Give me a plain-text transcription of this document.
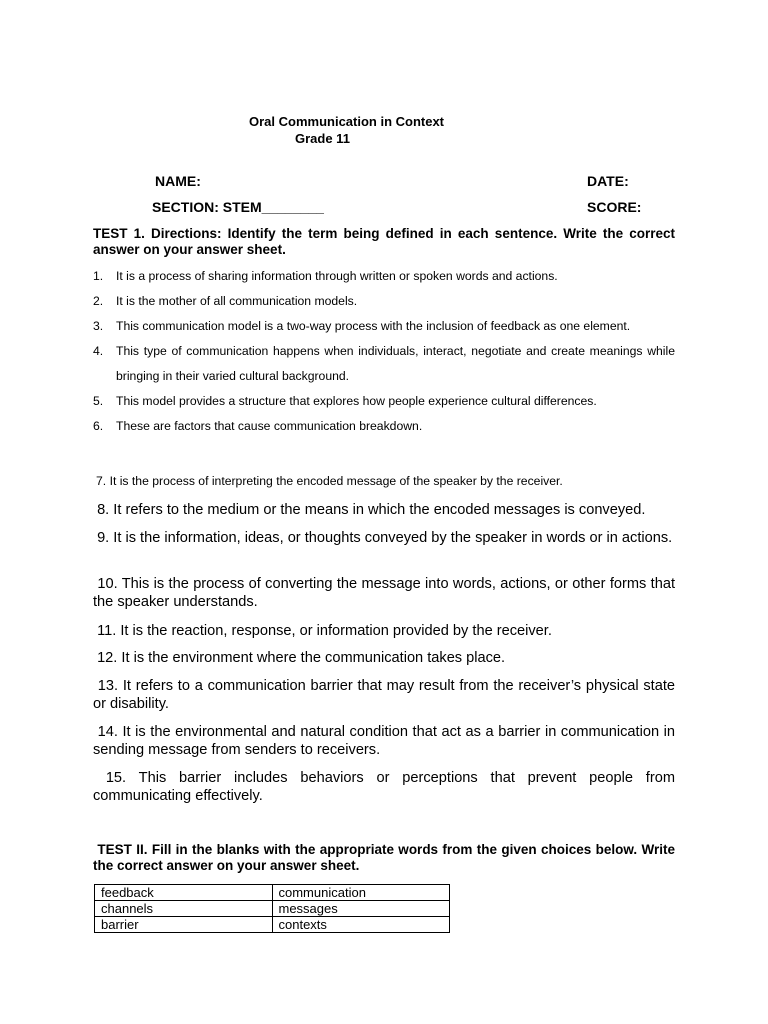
Oral Communication in Context
Grade 11
NAME:	DATE:
SECTION: STEM________	SCORE:
TEST 1. Directions: Identify the term being defined in each sentence. Write the correct answer on your answer sheet.
1.	It is a process of sharing information through written or spoken words and actions.
2.	It is the mother of all communication models.
3.	This communication model is a two-way process with the inclusion of feedback as one element.
4.	This type of communication happens when individuals, interact, negotiate and create meanings while bringing in their varied cultural background.
5.	This model provides a structure that explores how people experience cultural differences.
6.	These are factors that cause communication breakdown.
7. It is the process of interpreting the encoded message of the speaker by the receiver.
8. It refers to the medium or the means in which the encoded messages is conveyed.
9. It is the information, ideas, or thoughts conveyed by the speaker in words or in actions.
10. This is the process of converting the message into words, actions, or other forms that the speaker understands.
11. It is the reaction, response, or information provided by the receiver.
12. It is the environment where the communication takes place.
13. It refers to a communication barrier that may result from the receiver’s physical state or disability.
14. It is the environmental and natural condition that act as a barrier in communication in sending message from senders to receivers.
15. This barrier includes behaviors or perceptions that prevent people from communicating effectively.
TEST II. Fill in the blanks with the appropriate words from the given choices below. Write the correct answer on your answer sheet.
feedback	communication
channels	messages
barrier	contexts
